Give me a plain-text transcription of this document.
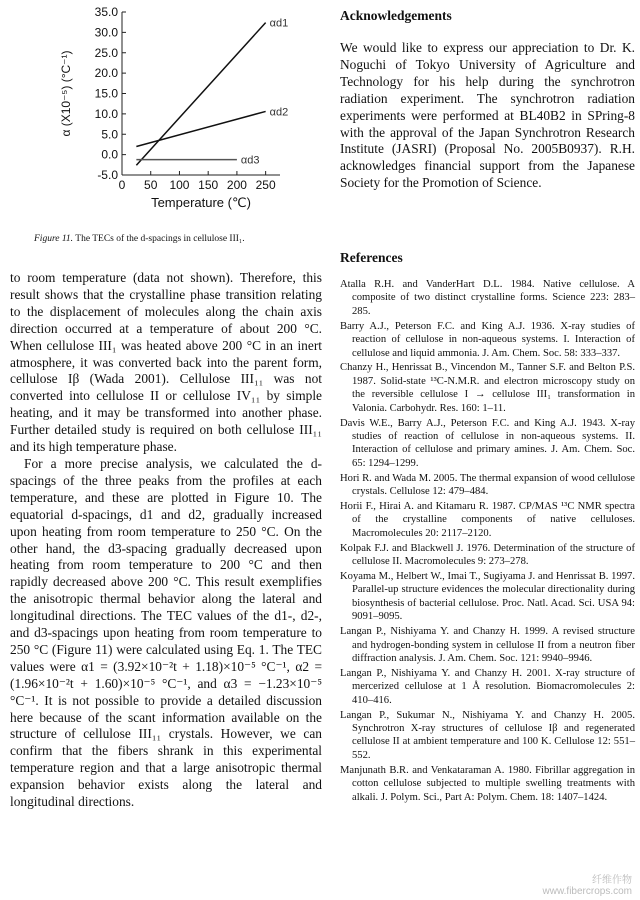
-5.0
0.0
5.0
10.0
15.0
20.0
25.0
30.0
35.0
0 50 100 150 200 250
Temperature (℃)
α (X10⁻⁵) (°C⁻¹)
αd1
αd2
αd3
Figure 11. The TECs of the d-spacings in cellulose III₁.

to room temperature (data not shown). Therefore, this result shows that the crystalline phase transition relating to the displacement of molecules along the chain axis direction occurred at a temperature of about 200 °C. When cellulose III₁ was heated above 200 °C in an inert atmosphere, it was converted back into the parent form, cellulose Iβ (Wada 2001). Cellulose III₁₁ was not converted into cellulose II or cellulose IV₁₁ by simple heating, and it may be transformed into another phase. Further detailed study is required on both cellulose III₁₁ and its high temperature phase.

For a more precise analysis, we calculated the d-spacings of the three peaks from the profiles at each temperature, and these are plotted in Figure 10. The equatorial d-spacings, d1 and d2, gradually increased upon heating from room temperature to 250 °C. On the other hand, the d3-spacing gradually decreased upon heating from room temperature to 200 °C and then rapidly decreased above 200 °C. This result exemplifies the anisotropic thermal behavior along the lateral and longitudinal directions. The TEC values of the d1-, d2-, and d3-spacings upon heating from room temperature to 250 °C (Figure 11) were calculated using Eq. 1. The TEC values were α1 = (3.92×10⁻²t + 1.18)×10⁻⁵ °C⁻¹, α2 = (1.96×10⁻²t + 1.60)×10⁻⁵ °C⁻¹, and α3 = −1.23×10⁻⁵ °C⁻¹. It is not possible to provide a detailed discussion here because of the scant information available on the structure of cellulose III₁₁ crystals. However, we can confirm that the fibers shrank in this experimental temperature region and that a large anisotropic thermal expansion behavior exists along the lateral and longitudinal directions.

Acknowledgements
We would like to express our appreciation to Dr. K. Noguchi of Tokyo University of Agriculture and Technology for his help during the synchrotron radiation experiment. The synchrotron radiation experiments were performed at BL40B2 in SPring-8 with the approval of the Japan Synchrotron Research Institute (JASRI) (Proposal No. 2005B0937). R.H. acknowledges financial support from the Japanese Society for the Promotion of Science.
References
Atalla R.H. and VanderHart D.L. 1984. Native cellulose. A composite of two distinct crystalline forms. Science 223: 283–285.
Barry A.J., Peterson F.C. and King A.J. 1936. X-ray studies of reaction of cellulose in non-aqueous systems. I. Interaction of cellulose and liquid ammonia. J. Am. Chem. Soc. 58: 333–337.
Chanzy H., Henrissat B., Vincendon M., Tanner S.F. and Belton P.S. 1987. Solid-state ¹³C-N.M.R. and electron microscopy study on the reversible cellulose I → cellulose III₁ transformation in Valonia. Carbohydr. Res. 160: 1–11.
Davis W.E., Barry A.J., Peterson F.C. and King A.J. 1943. X-ray studies of reaction of cellulose in non-aqueous systems. II. Interaction of cellulose and primary amines. J. Am. Chem. Soc. 65: 1294–1299.
Hori R. and Wada M. 2005. The thermal expansion of wood cellulose crystals. Cellulose 12: 479–484.
Horii F., Hirai A. and Kitamaru R. 1987. CP/MAS ¹³C NMR spectra of the crystalline components of native celluloses. Macromolecules 20: 2117–2120.
Kolpak F.J. and Blackwell J. 1976. Determination of the structure of cellulose II. Macromolecules 9: 273–278.
Koyama M., Helbert W., Imai T., Sugiyama J. and Henrissat B. 1997. Parallel-up structure evidences the molecular directionality during biosynthesis of bacterial cellulose. Proc. Natl. Acad. Sci. USA 94: 9091–9095.
Langan P., Nishiyama Y. and Chanzy H. 1999. A revised structure and hydrogen-bonding system in cellulose II from a neutron fiber diffraction analysis. J. Am. Chem. Soc. 121: 9940–9946.
Langan P., Nishiyama Y. and Chanzy H. 2001. X-ray structure of mercerized cellulose at 1 Å resolution. Biomacromolecules 2: 410–416.
Langan P., Sukumar N., Nishiyama Y. and Chanzy H. 2005. Synchrotron X-ray structures of cellulose Iβ and regenerated cellulose II at ambient temperature and 100 K. Cellulose 12: 551–552.
Manjunath B.R. and Venkataraman A. 1980. Fibrillar aggregation in cotton cellulose subjected to multiple swelling treatments with alkali. J. Polym. Sci., Part A: Polym. Chem. 18: 1407–1424.
纤维作物
www.fibercrops.com
